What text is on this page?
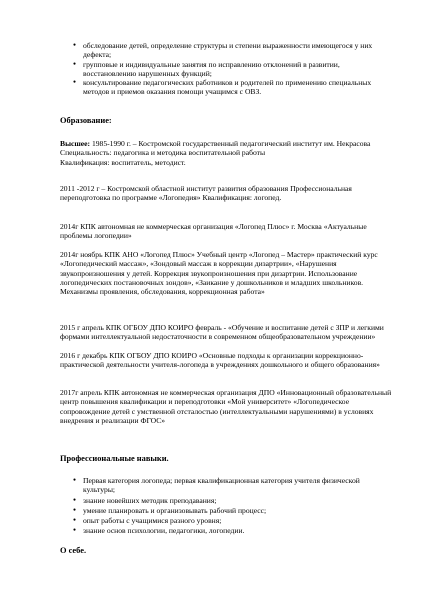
● обследование детей, определение структуры и степени выраженности имеющегося у них дефекта;
● групповые и индивидуальные занятия по исправлению отклонений в развитии, восстановлению нарушенных функций;
● консультирование педагогических работников и родителей по применению специальных методов и приемов оказания помощи учащимся с ОВЗ.
Образование:
Высшее: 1985-1990 г. – Костромской государственный педагогический институт им. Некрасова
Специальность: педагогика и методика воспитательной работы
Квалификация: воспитатель, методист.
2011 -2012 г – Костромской областной институт развития образования Профессиональная переподготовка по программе «Логопедия» Квалификация: логопед.
2014г КПК автономная не коммерческая организация «Логопед Плюс» г. Москва «Актуальные проблемы логопедии»
2014г ноябрь КПК АНО «Логопед Плюс» Учебный центр «Логопед – Мастер» практический курс «Логопедический массаж», «Зондовый массаж в коррекции дизартрии», «Нарушения звукопроизношения у детей. Коррекция звукопроизношения при дизартрии. Использование логопедических постановочных зондов», «Заикание у дошкольников и младших школьников. Механизмы проявления, обследования, коррекционная работа»
2015 г апрель КПК ОГБОУ ДПО КОИРО февраль - «Обучение и воспитание детей с ЗПР и легкими формами интеллектуальной недостаточности в современном общеобразовательном учреждении»
2016 г декабрь КПК ОГБОУ ДПО КОИРО «Основные подходы к организации коррекционно- практической деятельности учителя-логопеда в учреждениях дошкольного и общего образования»
2017г апрель КПК автономная не коммерческая организация ДПО «Инновационный образовательный центр повышения квалификации и переподготовки «Мой университет» «Логопедическое сопровождение детей с умственной отсталостью (интеллектуальными нарушениями) в условиях внедрения и реализации ФГОС»
Профессиональные навыки.
● Первая категория логопеда; первая квалификационная категория учителя физической культуры;
● знание новейших методик преподавания;
● умение планировать и организовывать рабочий процесс;
● опыт работы с учащимися разного уровня;
● знание основ психологии, педагогики, логопедии.
О себе.
